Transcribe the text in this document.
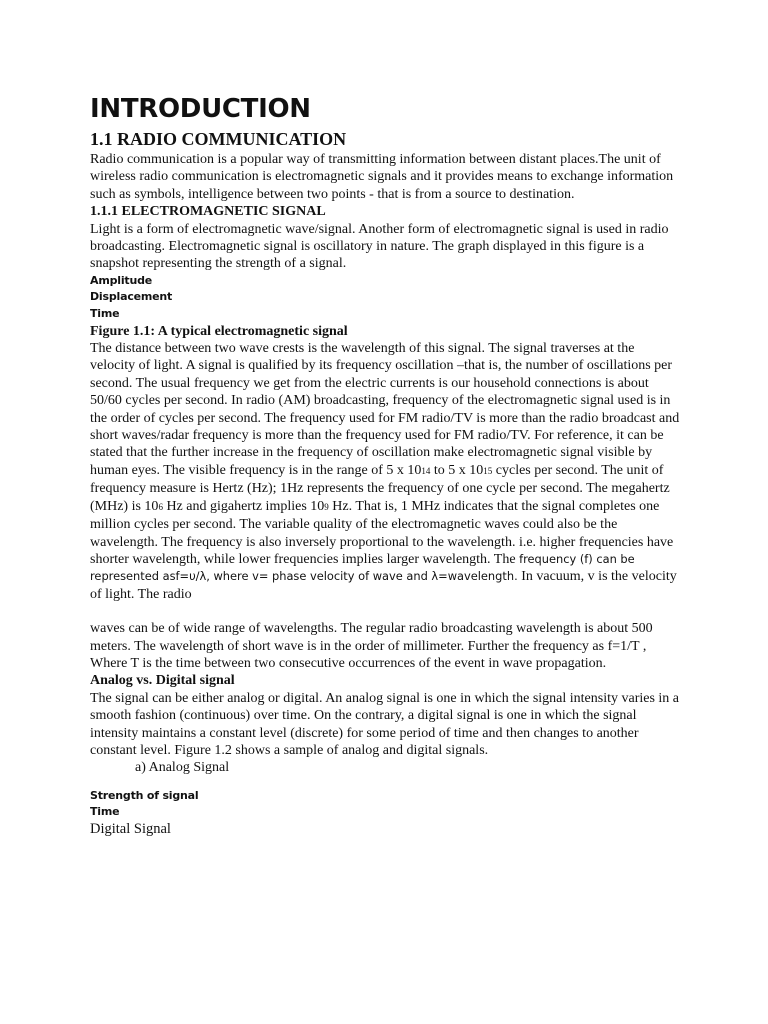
INTRODUCTION
1.1 RADIO COMMUNICATION

Radio communication is a popular way of transmitting information between distant places.The unit of wireless radio communication is electromagnetic signals and it provides means to exchange information such as symbols, intelligence between two points - that is from a source to destination.

1.1.1 ELECTROMAGNETIC SIGNAL

Light is a form of electromagnetic wave/signal. Another form of electromagnetic signal is used in radio broadcasting. Electromagnetic signal is oscillatory in nature. The graph displayed in this figure is a snapshot representing the strength of a signal.

Amplitude
Displacement
Time
Figure 1.1: A typical electromagnetic signal

The distance between two wave crests is the wavelength of this signal. The signal traverses at the velocity of light. A signal is qualified by its frequency oscillation –that is, the number of oscillations per second. The usual frequency we get from the electric currents is our household connections is about 50/60 cycles per second. In radio (AM) broadcasting, frequency of the electromagnetic signal used is in the order of cycles per second. The frequency used for FM radio/TV is more than the radio broadcast and short waves/radar frequency is more than the frequency used for FM radio/TV. For reference, it can be stated that the further increase in the frequency of oscillation make electromagnetic signal visible by human eyes. The visible frequency is in the range of 5 x 1014 to 5 x 1015 cycles per second. The unit of frequency measure is Hertz (Hz); 1Hz represents the frequency of one cycle per second. The megahertz (MHz) is 106 Hz and gigahertz implies 109 Hz. That is, 1 MHz indicates that the signal completes one million cycles per second. The variable quality of the electromagnetic waves could also be the wavelength. The frequency is also inversely proportional to the wavelength. i.e. higher frequencies have shorter wavelength, while lower frequencies implies larger wavelength. The frequency (f) can be represented asf=υ/λ, where v= phase velocity of wave and λ=wavelength. In vacuum, v is the velocity of light. The radio

waves can be of wide range of wavelengths. The regular radio broadcasting wavelength is about 500 meters. The wavelength of short wave is in the order of millimeter. Further the frequency as f=1/T , Where T is the time between two consecutive occurrences of the event in wave propagation.

Analog vs. Digital signal

The signal can be either analog or digital. An analog signal is one in which the signal intensity varies in a smooth fashion (continuous) over time. On the contrary, a digital signal is one in which the signal intensity maintains a constant level (discrete) for some period of time and then changes to another constant level. Figure 1.2 shows a sample of analog and digital signals.

a) Analog Signal

Strength of signal
Time

Digital Signal
